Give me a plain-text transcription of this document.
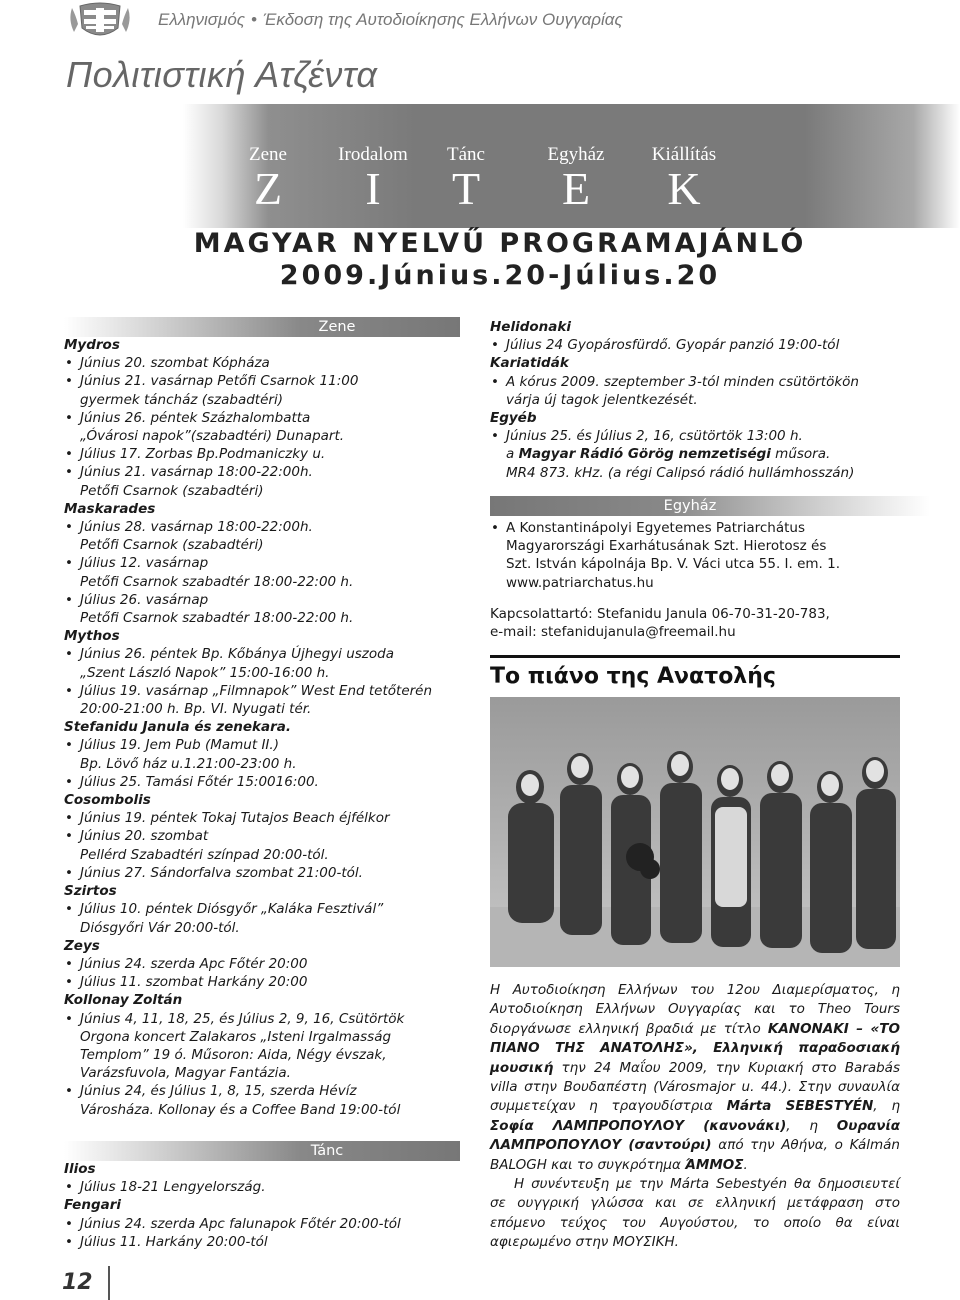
Ελληνισμός • Έκδοση της Αυτοδιοίκησης Ελλήνων Ουγγαρίας
Πολιτιστική Ατζέντα
Zene
Z
Irodalom
I
Tánc
T
Egyház
E
Kiállítás
K
MAGYAR NYELVŰ PROGRAMAJÁNLÓ
2009.Június.20-Július.20
Zene
Mydros
• Június 20. szombat Kópháza
• Június 21. vasárnap Petőfi Csarnok 11:00
gyermek táncház (szabadtéri)
• Június 26. péntek Százhalombatta
„Óvárosi napok”(szabadtéri) Dunapart.
• Július 17. Zorbas Bp.Podmaniczky u.
• Június 21. vasárnap 18:00-22:00h.
Petőfi Csarnok (szabadtéri)
Maskarades
• Június 28. vasárnap 18:00-22:00h.
Petőfi Csarnok (szabadtéri)
• Július 12. vasárnap
Petőfi Csarnok szabadtér 18:00-22:00 h.
• Július 26. vasárnap
Petőfi Csarnok szabadtér 18:00-22:00 h.
Mythos
• Június 26. péntek Bp. Kőbánya Újhegyi uszoda
„Szent László Napok” 15:00-16:00 h.
• Július 19. vasárnap „Filmnapok” West End tetőterén
20:00-21:00 h. Bp. VI. Nyugati tér.
Stefanidu Janula és zenekara.
• Július 19. Jem Pub (Mamut II.)
Bp. Lövő ház u.1.21:00-23:00 h.
• Július 25. Tamási Főtér 15:0016:00.
Cosombolis
• Június 19. péntek Tokaj Tutajos Beach éjfélkor
• Június 20. szombat
Pellérd Szabadtéri színpad 20:00-tól.
• Június 27. Sándorfalva szombat 21:00-tól.
Szirtos
• Július 10. péntek Diósgyőr „Kaláka Fesztivál”
Diósgyőri Vár 20:00-tól.
Zeys
• Június 24. szerda Apc Főtér 20:00
• Július 11. szombat Harkány 20:00
Kollonay Zoltán
• Június 4, 11, 18, 25, és Július 2, 9, 16, Csütörtök
Orgona koncert Zalakaros „Isteni Irgalmasság
Templom” 19 ó. Műsoron: Aida, Négy évszak,
Varázsfuvola, Magyar Fantázia.
• Június 24, és Július 1, 8, 15, szerda Hévíz
Városháza. Kollonay és a Coffee Band 19:00-tól
Tánc
Ilios
• Július 18-21 Lengyelország.
Fengari
• Június 24. szerda Apc falunapok Főtér 20:00-tól
• Július 11. Harkány 20:00-tól
Helidonaki
• Július 24 Gyopárosfürdő. Gyopár panzió 19:00-tól
Kariatidák
• A kórus 2009. szeptember 3-tól minden csütörtökön
várja új tagok jelentkezését.
Egyéb
• Június 25. és Július 2, 16, csütörtök 13:00 h.
a Magyar Rádió Görög nemzetiségi műsora.
MR4 873. kHz. (a régi Calipsó rádió hullámhosszán)
Egyház
• A Konstantinápolyi Egyetemes Patriarchátus
Magyarországi Exarhátusának Szt. Hierotosz és
Szt. István kápolnája Bp. V. Váci utca 55. I. em. 1.
www.patriarchatus.hu
Kapcsolattartó: Stefanidu Janula 06-70-31-20-783,
e-mail: stefanidujanula@freemail.hu
Το πιάνο της Ανατολής
Η Αυτοδιοίκηση Ελλήνων του 12ου Διαμερίσματος, η Αυτοδιοίκηση Ελλήνων Ουγγαρίας και το Theo Tours διοργάνωσε ελληνική βραδιά με τίτλο ΚΑΝΟΝΑΚΙ – «ΤΟ ΠΙΑΝΟ ΤΗΣ ΑΝΑΤΟΛΗΣ», Ελληνική παραδοσιακή μουσική την 24 Μαΐου 2009, την Κυριακή στο Barabás villa στην Βουδαπέστη (Városmajor u. 44.). Στην συναυλία συμμετείχαν η τραγουδίστρια Márta SEBESTYÉN, η Σοφία ΛΑΜΠΡΟΠΟΥΛΟΥ (κανονάκι), η Ουρανία ΛΑΜΠΡΟΠΟΥΛΟΥ (σαντούρι) από την Αθήνα, ο Kálmán BALOGH και το συγκρότημα ΆΜΜΟΣ.
Η συνέντευξη με την Márta Sebestyén θα δημοσιευτεί σε ουγγρική γλώσσα και σε ελληνική μετάφραση στο επόμενο τεύχος του Αυγούστου, το οποίο θα είναι αφιερωμένο στην ΜΟΥΣΙΚΗ.
12
